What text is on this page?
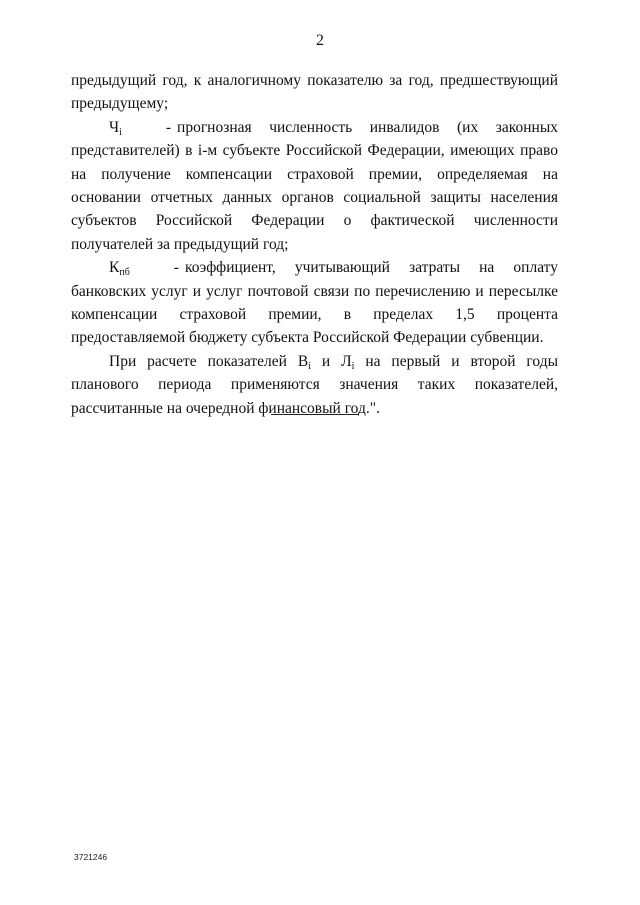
2

предыдущий год, к аналогичному показателю за год, предшествующий предыдущему;

$Ч_i$	- прогнозная численность инвалидов (их законных представителей) в i-м субъекте Российской Федерации, имеющих право на получение компенсации страховой премии, определяемая на основании отчетных данных органов социальной защиты населения субъектов Российской Федерации о фактической численности получателей за предыдущий год;

$К_{пб}$	- коэффициент, учитывающий затраты на оплату банковских услуг и услуг почтовой связи по перечислению и пересылке компенсации страховой премии, в пределах 1,5 процента предоставляемой бюджету субъекта Российской Федерации субвенции.

При расчете показателей $В_i$ и $Л_i$ на первый и второй годы планового периода применяются значения таких показателей, рассчитанные на очередной финансовый год.".

3721246
